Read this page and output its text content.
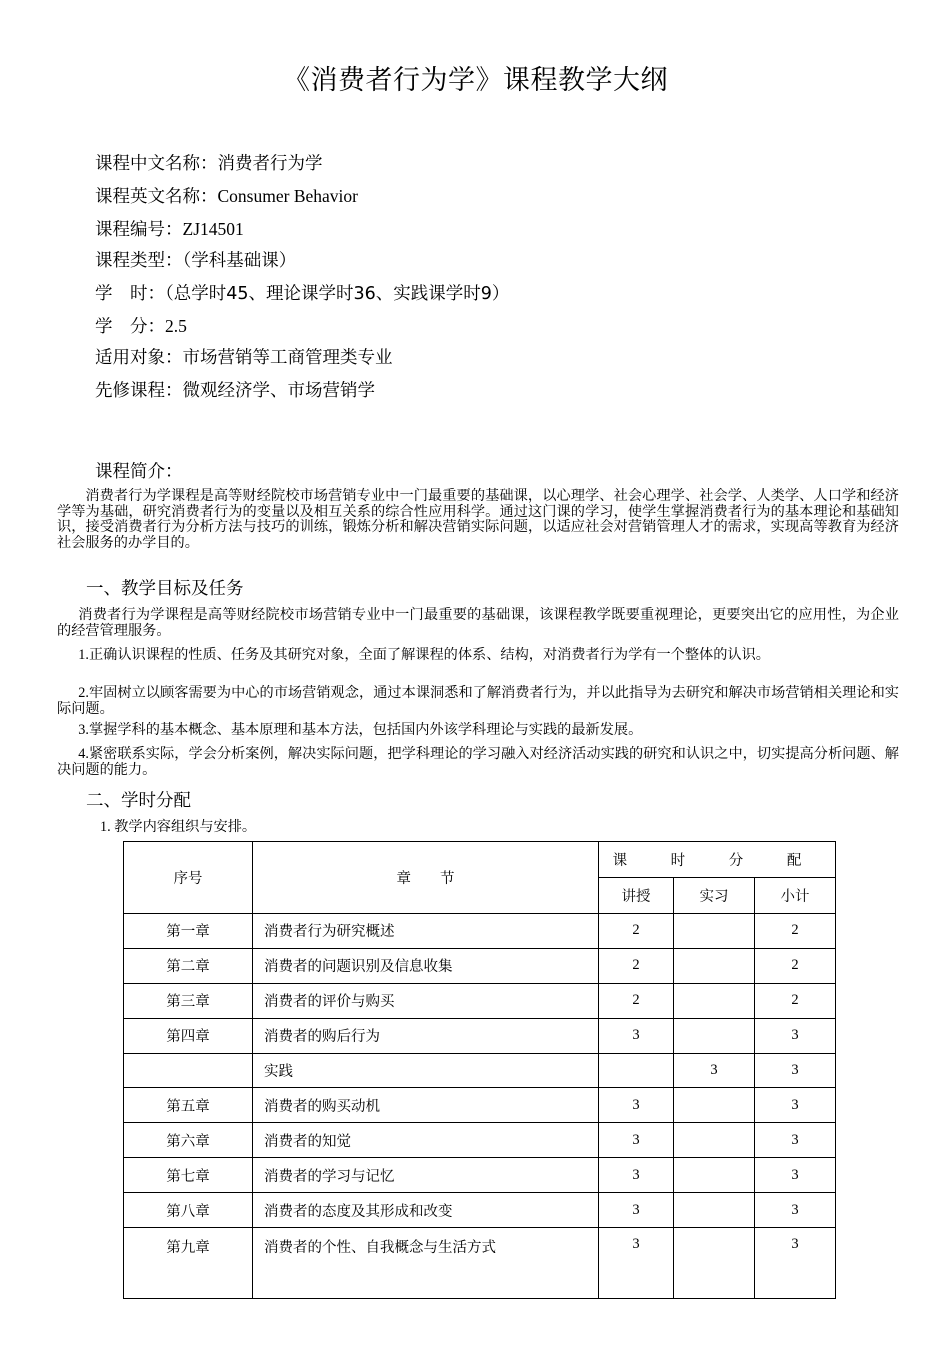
《消费者行为学》课程教学大纲
课程中文名称：消费者行为学
课程英文名称：Consumer Behavior
课程编号：ZJ14501
课程类型：（学科基础课）
学　时：（总学时45、理论课学时36、实践课学时9）
学　分：2.5
适用对象：市场营销等工商管理类专业
先修课程：微观经济学、市场营销学
课程简介：
消费者行为学课程是高等财经院校市场营销专业中一门最重要的基础课，以心理学、社会心理学、社会学、人类学、人口学和经济学等为基础，研究消费者行为的变量以及相互关系的综合性应用科学。通过这门课的学习，使学生掌握消费者行为的基本理论和基础知识，接受消费者行为分析方法与技巧的训练，锻炼分析和解决营销实际问题，以适应社会对营销管理人才的需求，实现高等教育为经济社会服务的办学目的。
一、教学目标及任务
消费者行为学课程是高等财经院校市场营销专业中一门最重要的基础课，该课程教学既要重视理论，更要突出它的应用性，为企业的经营管理服务。
1.正确认识课程的性质、任务及其研究对象，全面了解课程的体系、结构，对消费者行为学有一个整体的认识。
2.牢固树立以顾客需要为中心的市场营销观念，通过本课洞悉和了解消费者行为，并以此指导为去研究和解决市场营销相关理论和实际问题。
3.掌握学科的基本概念、基本原理和基本方法，包括国内外该学科理论与实践的最新发展。
4.紧密联系实际，学会分析案例，解决实际问题，把学科理论的学习融入对经济活动实践的研究和认识之中，切实提高分析问题、解决问题的能力。
二、学时分配
1. 教学内容组织与安排。
序号	章　　节	课 时 分 配		
		讲授	实习	小计
第一章	消费者行为研究概述	2		2
第二章	消费者的问题识别及信息收集	2		2
第三章	消费者的评价与购买	2		2
第四章	消费者的购后行为	3		3
	实践		3	3
第五章	消费者的购买动机	3		3
第六章	消费者的知觉	3		3
第七章	消费者的学习与记忆	3		3
第八章	消费者的态度及其形成和改变	3		3
第九章	消费者的个性、自我概念与生活方式	3		3
